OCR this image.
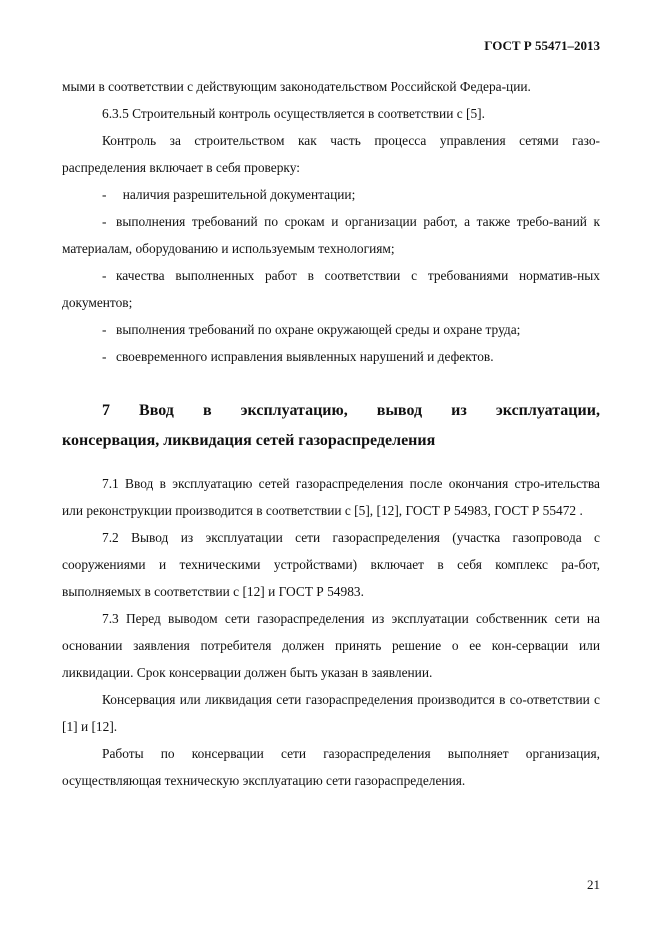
ГОСТ Р 55471–2013

мыми в соответствии с действующим законодательством Российской Федера-ции.

6.3.5 Строительный контроль осуществляется в соответствии с [5].

Контроль за строительством как часть процесса управления сетями газо-распределения включает в себя проверку:

- наличия разрешительной документации;

- выполнения требований по срокам и организации работ, а также требо-ваний к материалам, оборудованию и используемым технологиям;

- качества выполненных работ в соответствии с требованиями норматив-ных документов;

- выполнения требований по охране окружающей среды и охране труда;

- своевременного исправления выявленных нарушений и дефектов.

7 Ввод в эксплуатацию, вывод из эксплуатации,
консервация, ликвидация сетей газораспределения

7.1 Ввод в эксплуатацию сетей газораспределения после окончания стро-ительства или реконструкции производится в соответствии с [5], [12], ГОСТ Р 54983, ГОСТ Р 55472 .

7.2 Вывод из эксплуатации сети газораспределения (участка газопровода с сооружениями и техническими устройствами) включает в себя комплекс ра-бот, выполняемых в соответствии с [12] и ГОСТ Р 54983.

7.3 Перед выводом сети газораспределения из эксплуатации собственник сети на основании заявления потребителя должен принять решение о ее кон-сервации или ликвидации. Срок консервации должен быть указан в заявлении.

Консервация или ликвидация сети газораспределения производится в со-ответствии с [1] и [12].

Работы по консервации сети газораспределения выполняет организация, осуществляющая техническую эксплуатацию сети газораспределения.

21
